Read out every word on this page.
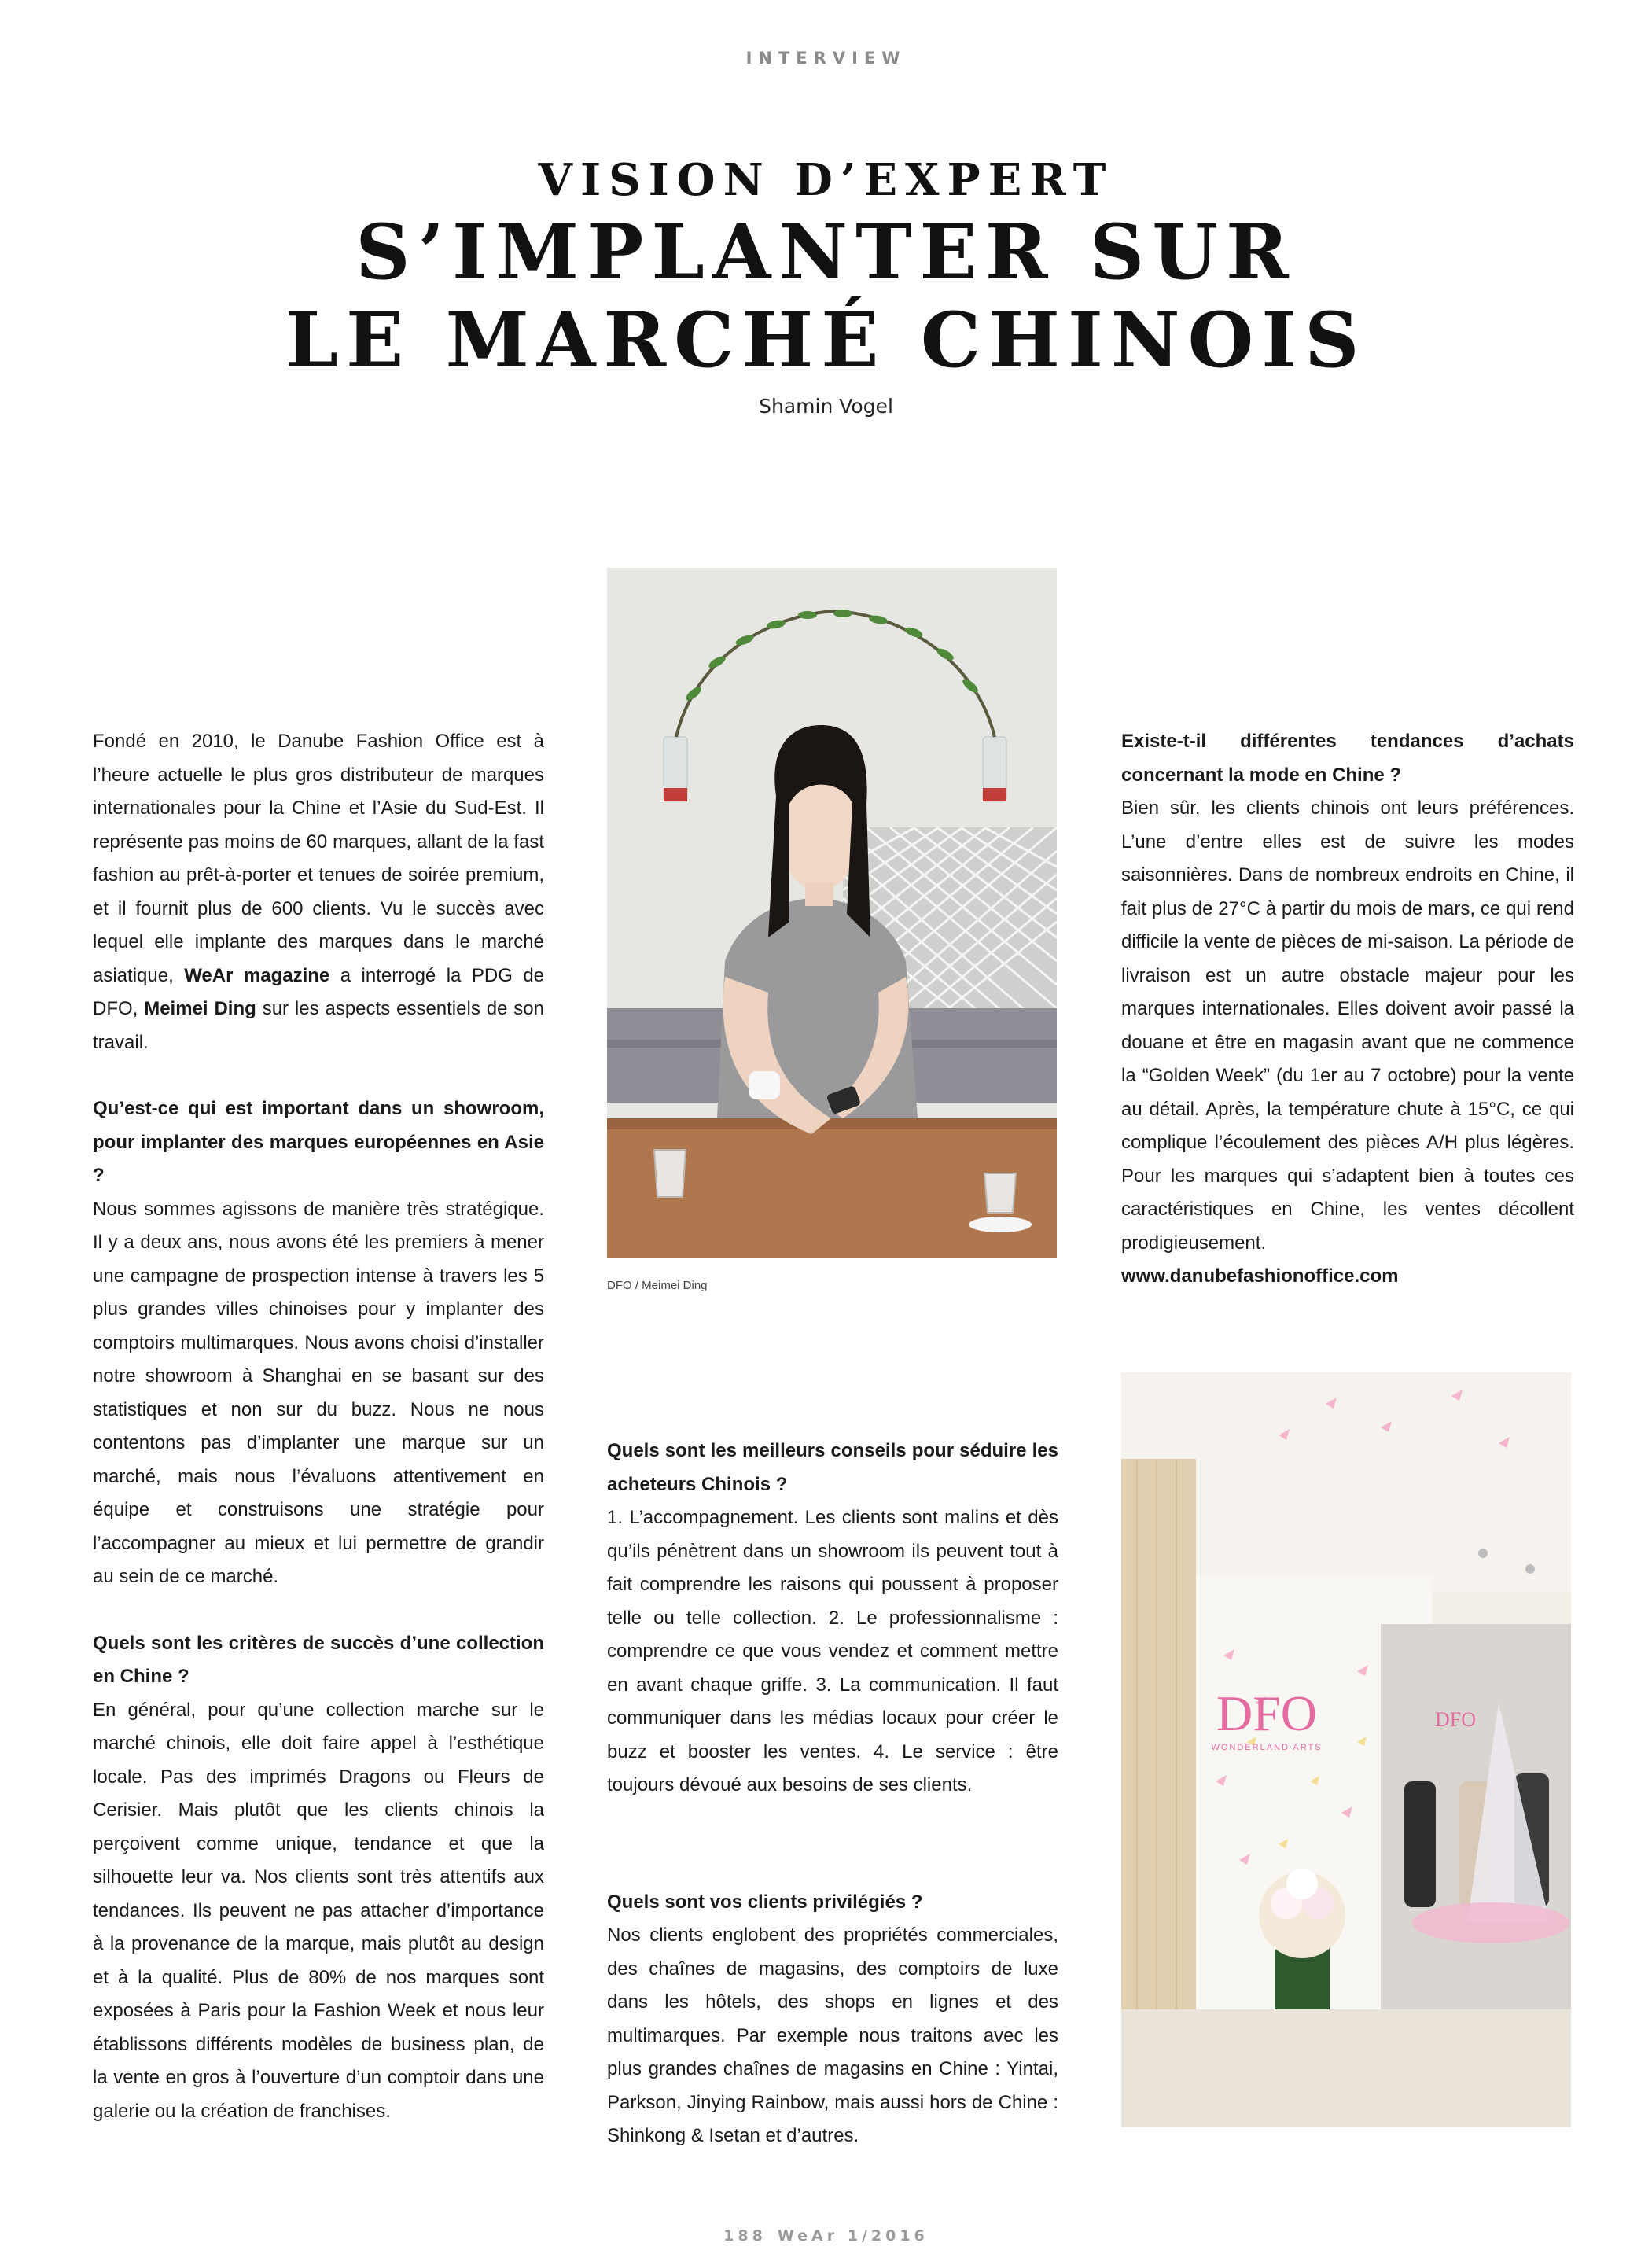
INTERVIEW
VISION D’EXPERT
S’IMPLANTER SUR
LE MARCHÉ CHINOIS
Shamin Vogel

Fondé en 2010, le Danube Fashion Office est à l’heure actuelle le plus gros distributeur de marques internationales pour la Chine et l’Asie du Sud-Est. Il représente pas moins de 60 marques, allant de la fast fashion au prêt-à-porter et tenues de soirée premium, et il fournit plus de 600 clients. Vu le succès avec lequel elle implante des marques dans le marché asiatique, WeAr magazine a interrogé la PDG de DFO, Meimei Ding sur les aspects essentiels de son travail.

Qu’est-ce qui est important dans un showroom, pour implanter des marques européennes en Asie ?

Nous sommes agissons de manière très stratégique. Il y a deux ans, nous avons été les premiers à mener une campagne de prospection intense à travers les 5 plus grandes villes chinoises pour y implanter des comptoirs multimarques. Nous avons choisi d’installer notre showroom à Shanghai en se basant sur des statistiques et non sur du buzz. Nous ne nous contentons pas d’implanter une marque sur un marché, mais nous l’évaluons attentivement en équipe et construisons une stratégie pour l’accompagner au mieux et lui permettre de grandir au sein de ce marché.

Quels sont les critères de succès d’une collection en Chine ?

En général, pour qu’une collection marche sur le marché chinois, elle doit faire appel à l’esthétique locale. Pas des imprimés Dragons ou Fleurs de Cerisier. Mais plutôt que les clients chinois la perçoivent comme unique, tendance et que la silhouette leur va. Nos clients sont très attentifs aux tendances. Ils peuvent ne pas attacher d’importance à la provenance de la marque, mais plutôt au design et à la qualité. Plus de 80% de nos marques sont exposées à Paris pour la Fashion Week et nous leur établissons différents modèles de business plan, de la vente en gros à l’ouverture d’un comptoir dans une galerie ou la création de franchises.

DFO / Meimei Ding

Quels sont les meilleurs conseils pour séduire les acheteurs Chinois ?

1. L’accompagnement. Les clients sont malins et dès qu’ils pénètrent dans un showroom ils peuvent tout à fait comprendre les raisons qui poussent à proposer telle ou telle collection. 2. Le professionnalisme : comprendre ce que vous vendez et comment mettre en avant chaque griffe. 3. La communication. Il faut communiquer dans les médias locaux pour créer le buzz et booster les ventes. 4. Le service : être toujours dévoué aux besoins de ses clients.

Quels sont vos clients privilégiés ?

Nos clients englobent des propriétés commerciales, des chaînes de magasins, des comptoirs de luxe dans les hôtels, des shops en lignes et des multimarques. Par exemple nous traitons avec les plus grandes chaînes de magasins en Chine : Yintai, Parkson, Jinying Rainbow, mais aussi hors de Chine : Shinkong & Isetan et d’autres.

Existe-t-il différentes tendances d’achats concernant la mode en Chine ?

Bien sûr, les clients chinois ont leurs préférences. L’une d’entre elles est de suivre les modes saisonnières. Dans de nombreux endroits en Chine, il fait plus de 27°C à partir du mois de mars, ce qui rend difficile la vente de pièces de mi-saison. La période de livraison est un autre obstacle majeur pour les marques internationales. Elles doivent avoir passé la douane et être en magasin avant que ne commence la “Golden Week” (du 1er au 7 octobre) pour la vente au détail. Après, la température chute à 15°C, ce qui complique l’écoulement des pièces A/H plus légères. Pour les marques qui s’adaptent bien à toutes ces caractéristiques en Chine, les ventes décollent prodigieusement.

www.danubefashionoffice.com

DFO
WONDERLAND ARTS
DFO
188 WeAr 1/2016
